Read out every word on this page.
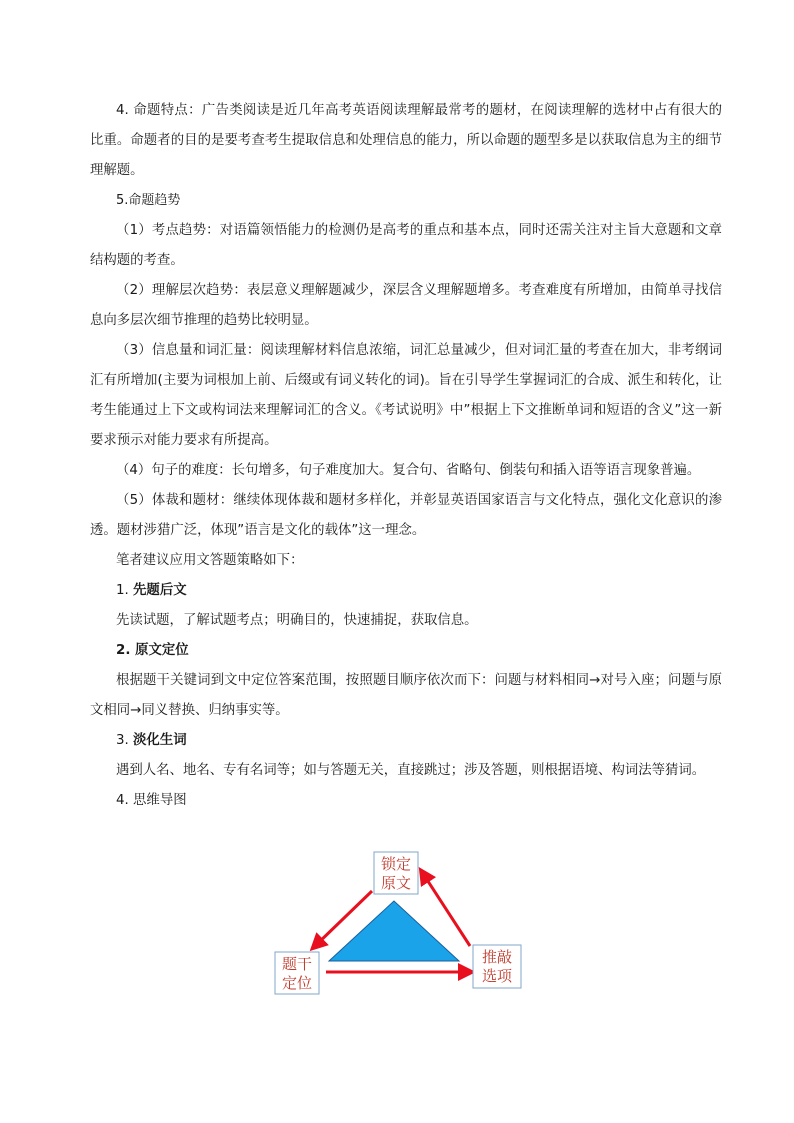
4. 命题特点：广告类阅读是近几年高考英语阅读理解最常考的题材，在阅读理解的选材中占有很大的比重。命题者的目的是要考查考生提取信息和处理信息的能力，所以命题的题型多是以获取信息为主的细节理解题。

5.命题趋势

（1）考点趋势：对语篇领悟能力的检测仍是高考的重点和基本点，同时还需关注对主旨大意题和文章结构题的考查。

（2）理解层次趋势：表层意义理解题减少，深层含义理解题增多。考查难度有所增加，由简单寻找信息向多层次细节推理的趋势比较明显。

（3）信息量和词汇量：阅读理解材料信息浓缩，词汇总量减少，但对词汇量的考查在加大，非考纲词汇有所增加(主要为词根加上前、后缀或有词义转化的词)。旨在引导学生掌握词汇的合成、派生和转化，让考生能通过上下文或构词法来理解词汇的含义。《考试说明》中”根据上下文推断单词和短语的含义”这一新要求预示对能力要求有所提高。

（4）句子的难度：长句增多，句子难度加大。复合句、省略句、倒装句和插入语等语言现象普遍。

（5）体裁和题材：继续体现体裁和题材多样化，并彰显英语国家语言与文化特点，强化文化意识的渗透。题材涉猎广泛，体现”语言是文化的载体”这一理念。

笔者建议应用文答题策略如下：

1. 先题后文

先读试题，了解试题考点；明确目的，快速捕捉，获取信息。

2. 原文定位

根据题干关键词到文中定位答案范围，按照题目顺序依次而下：问题与材料相同→对号入座；问题与原文相同→同义替换、归纳事实等。

3. 淡化生词

遇到人名、地名、专有名词等；如与答题无关，直接跳过；涉及答题，则根据语境、构词法等猜词。

4. 思维导图

锁定
原文
题干
定位
推敲
选项
